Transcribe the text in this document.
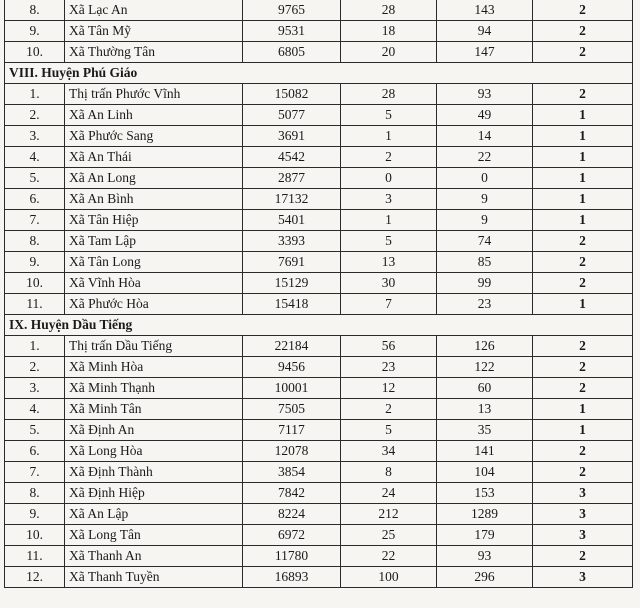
8.	Xã Lạc An	9765	28	143	2
9.	Xã Tân Mỹ	9531	18	94	2
10.	Xã Thường Tân	6805	20	147	2
VIII. Huyện Phú Giáo					
1.	Thị trấn Phước Vĩnh	15082	28	93	2
2.	Xã An Linh	5077	5	49	1
3.	Xã Phước Sang	3691	1	14	1
4.	Xã An Thái	4542	2	22	1
5.	Xã An Long	2877	0	0	1
6.	Xã An Bình	17132	3	9	1
7.	Xã Tân Hiệp	5401	1	9	1
8.	Xã Tam Lập	3393	5	74	2
9.	Xã Tân Long	7691	13	85	2
10.	Xã Vĩnh Hòa	15129	30	99	2
11.	Xã Phước Hòa	15418	7	23	1
IX. Huyện Dầu Tiếng					
1.	Thị trấn Dầu Tiếng	22184	56	126	2
2.	Xã Minh Hòa	9456	23	122	2
3.	Xã Minh Thạnh	10001	12	60	2
4.	Xã Minh Tân	7505	2	13	1
5.	Xã Định An	7117	5	35	1
6.	Xã Long Hòa	12078	34	141	2
7.	Xã Định Thành	3854	8	104	2
8.	Xã Định Hiệp	7842	24	153	3
9.	Xã An Lập	8224	212	1289	3
10.	Xã Long Tân	6972	25	179	3
11.	Xã Thanh An	11780	22	93	2
12.	Xã Thanh Tuyền	16893	100	296	3
